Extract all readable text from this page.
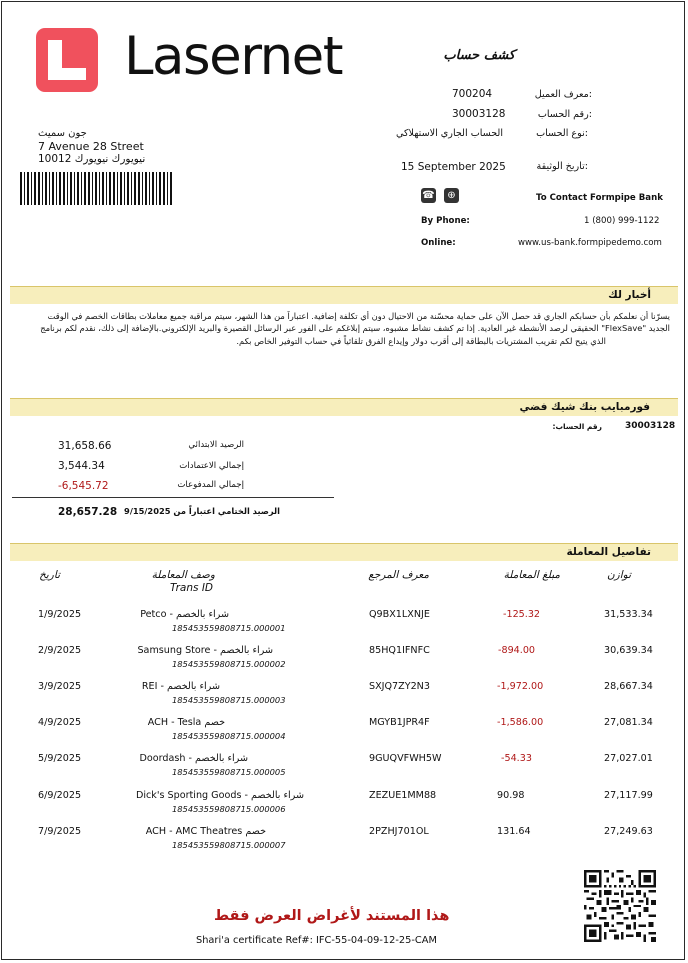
Lasernet	كشف حساب
700204	:معرف العميل
30003128	:رقم الحساب
الحساب الجاري الاستهلاكي	:نوع الحساب
15 September 2025	:تاريخ الوثيقة
جون سميث
7 Avenue 28 Street
نيويورك نيويورك 10012
☎	⊕	To Contact Formpipe Bank
By Phone:	1 (800) 999-1122
Online:	www.us-bank.formpipedemo.com
أخبار لك
يسرّنا أن نعلمكم بأن حسابكم الجاري قد حصل الآن على حماية محسّنة من الاحتيال دون أي تكلفة إضافية. اعتباراً من هذا الشهر، سيتم مراقبة جميع معاملات بطاقات الخصم في الوقت
الجديد "FlexSave" الحقيقي لرصد الأنشطة غير العادية. إذا تم كشف نشاط مشبوه، سيتم إبلاغكم على الفور عبر الرسائل القصيرة والبريد الإلكتروني.بالإضافة إلى ذلك، نقدم لكم برنامج
الذي يتيح لكم تقريب المشتريات بالبطاقة إلى أقرب دولار وإيداع الفرق تلقائياً في حساب التوفير الخاص بكم.
فورمبايب بنك شيك فضي
30003128
رقم الحساب:
31,658.66	الرصيد الابتدائي
3,544.34	إجمالي الاعتمادات
-6,545.72	إجمالي المدفوعات
28,657.28 الرصيد الختامي اعتباراً من 9/15/2025
تفاصيل المعاملة
تاريخ	وصف المعاملة
Trans ID
معرف المرجع	مبلغ المعاملة	توازن
1/9/2025	شراء بالخصم - Petco
185453559808715.000001
Q9BX1LXNJE	-125.32	31,533.34
2/9/2025	شراء بالخصم - Samsung Store
185453559808715.000002
85HQ1IFNFC	-894.00	30,639.34
3/9/2025	شراء بالخصم - REI
185453559808715.000003
SXJQ7ZY2N3	-1,972.00	28,667.34
4/9/2025	خصم ACH - Tesla
185453559808715.000004
MGYB1JPR4F	-1,586.00	27,081.34
5/9/2025	شراء بالخصم - Doordash
185453559808715.000005
9GUQVFWH5W	-54.33	27,027.01
6/9/2025	شراء بالخصم - Dick's Sporting Goods
185453559808715.000006
ZEZUE1MM88	90.98	27,117.99
7/9/2025	خصم ACH - AMC Theatres
185453559808715.000007
2PZHJ701OL	131.64	27,249.63
هذا المستند لأغراض العرض فقط
Shari'a certificate Ref#: IFC-55-04-09-12-25-CAM
